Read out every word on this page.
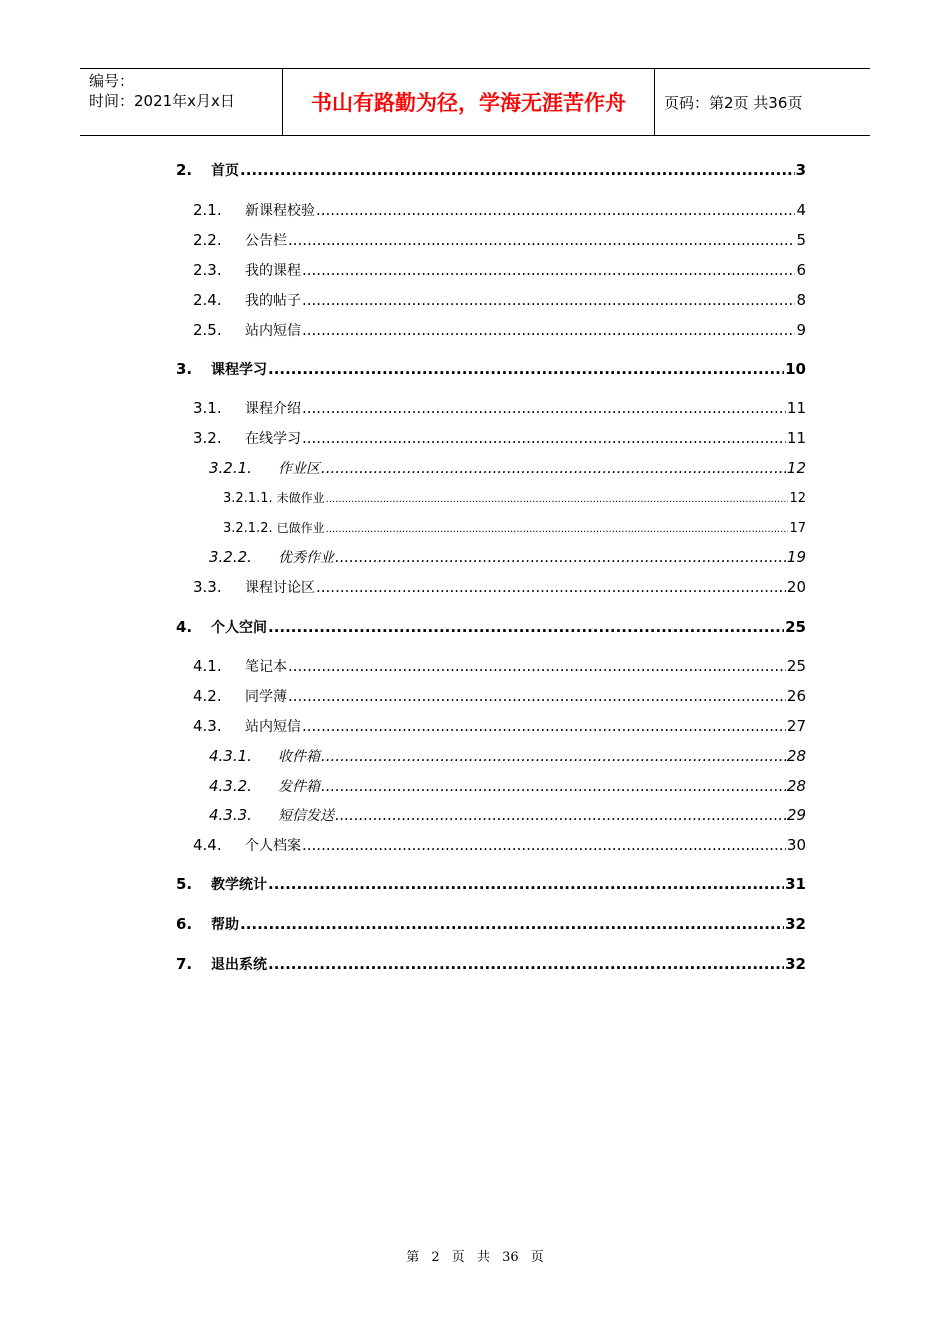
编号：
时间：2021年x月x日	书山有路勤为径，学海无涯苦作舟	页码：第2页 共36页
2.	首页 .....	3
2.1.	新课程校验 .....	4
2.2.	公告栏 .....	5
2.3.	我的课程 .....	6
2.4.	我的帖子 .....	8
2.5.	站内短信 .....	9
3.	课程学习 .....	10
3.1.	课程介绍 .....	11
3.2.	在线学习 .....	11
3.2.1.	作业区 .....	12
3.2.1.1. 未做作业 .....	12
3.2.1.2. 已做作业 .....	17
3.2.2.	优秀作业 .....	19
3.3.	课程讨论区 .....	20
4.	个人空间 .....	25
4.1.	笔记本 .....	25
4.2.	同学薄 .....	26
4.3.	站内短信 .....	27
4.3.1.	收件箱 .....	28
4.3.2.	发件箱 .....	28
4.3.3.	短信发送 .....	29
4.4.	个人档案 .....	30
5.	教学统计 .....	31
6.	帮助 .....	32
7.	退出系统 .....	32
第 2 页 共 36 页
